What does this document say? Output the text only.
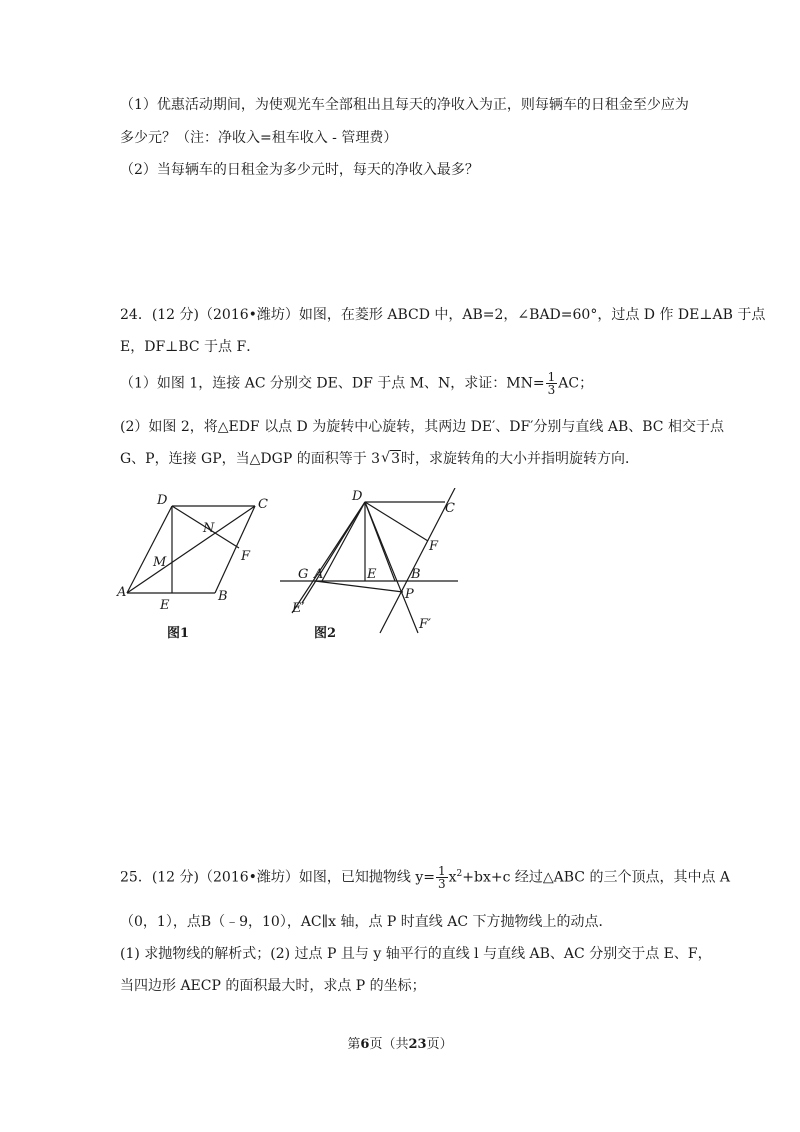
（1）优惠活动期间，为使观光车全部租出且每天的净收入为正，则每辆车的日租金至少应为
多少元？（注：净收入=租车收入 - 管理费）
（2）当每辆车的日租金为多少元时，每天的净收入最多？
24．(12 分)（2016•潍坊）如图，在菱形 ABCD 中，AB=2，∠BAD=60°，过点 D 作 DE⊥AB 于点
E，DF⊥BC 于点 F．
（1）如图 1，连接 AC 分别交 DE、DF 于点 M、N，求证：$MN= \frac{1}{3}$ AC；
(2）如图 2，将△EDF 以点 D 为旋转中心旋转，其两边 DE′、DF′分别与直线 AB、BC 相交于点
G、P，连接 GP，当△DGP 的面积等于 3√ 3时，求旋转角的大小并指明旋转方向．
D	C
N
M	F
A
E
B
图1
D
C
F
G A	E	B
P
E′
F′
图2
25．(12 分)（2016•潍坊）如图，已知抛物线 $y= \frac{1}{3} x^2+bx+c$ 经过△ABC 的三个顶点，其中点 A
（0，1），点B（﹣9，10），AC∥x 轴，点 P 时直线 AC 下方抛物线上的动点．
(1) 求抛物线的解析式；(2) 过点 P 且与 y 轴平行的直线 l 与直线 AB、AC 分别交于点 E、F，
当四边形 AECP 的面积最大时，求点 P 的坐标；
第6页（共23页）
